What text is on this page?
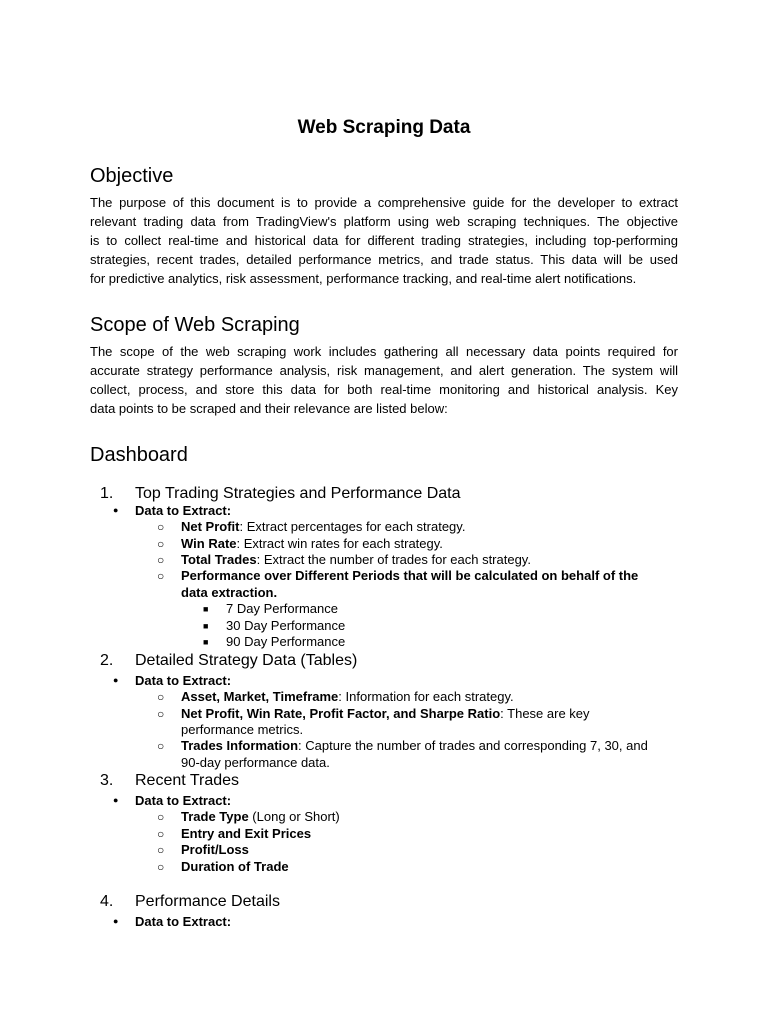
Web Scraping Data
Objective

The purpose of this document is to provide a comprehensive guide for the developer to extract
relevant trading data from TradingView's platform using web scraping techniques. The objective
is to collect real-time and historical data for different trading strategies, including top-performing
strategies, recent trades, detailed performance metrics, and trade status. This data will be used
for predictive analytics, risk assessment, performance tracking, and real-time alert notifications.

Scope of Web Scraping

The scope of the web scraping work includes gathering all necessary data points required for
accurate strategy performance analysis, risk management, and alert generation. The system will
collect, process, and store this data for both real-time monitoring and historical analysis. Key
data points to be scraped and their relevance are listed below:

Dashboard
1. Top Trading Strategies and Performance Data
●
Data to Extract:
○
Net Profit: Extract percentages for each strategy.
○
Win Rate: Extract win rates for each strategy.
○
Total Trades: Extract the number of trades for each strategy.
○
Performance over Different Periods that will be calculated on behalf of the
data extraction.
■
7 Day Performance
■
30 Day Performance
■
90 Day Performance
2. Detailed Strategy Data (Tables)
●
Data to Extract:
○
Asset, Market, Timeframe: Information for each strategy.
○
Net Profit, Win Rate, Profit Factor, and Sharpe Ratio: These are key
performance metrics.
○
Trades Information: Capture the number of trades and corresponding 7, 30, and
90-day performance data.
3. Recent Trades
●
Data to Extract:
○
Trade Type (Long or Short)
○
Entry and Exit Prices
○
Profit/Loss
○
Duration of Trade
4. Performance Details
●
Data to Extract:
